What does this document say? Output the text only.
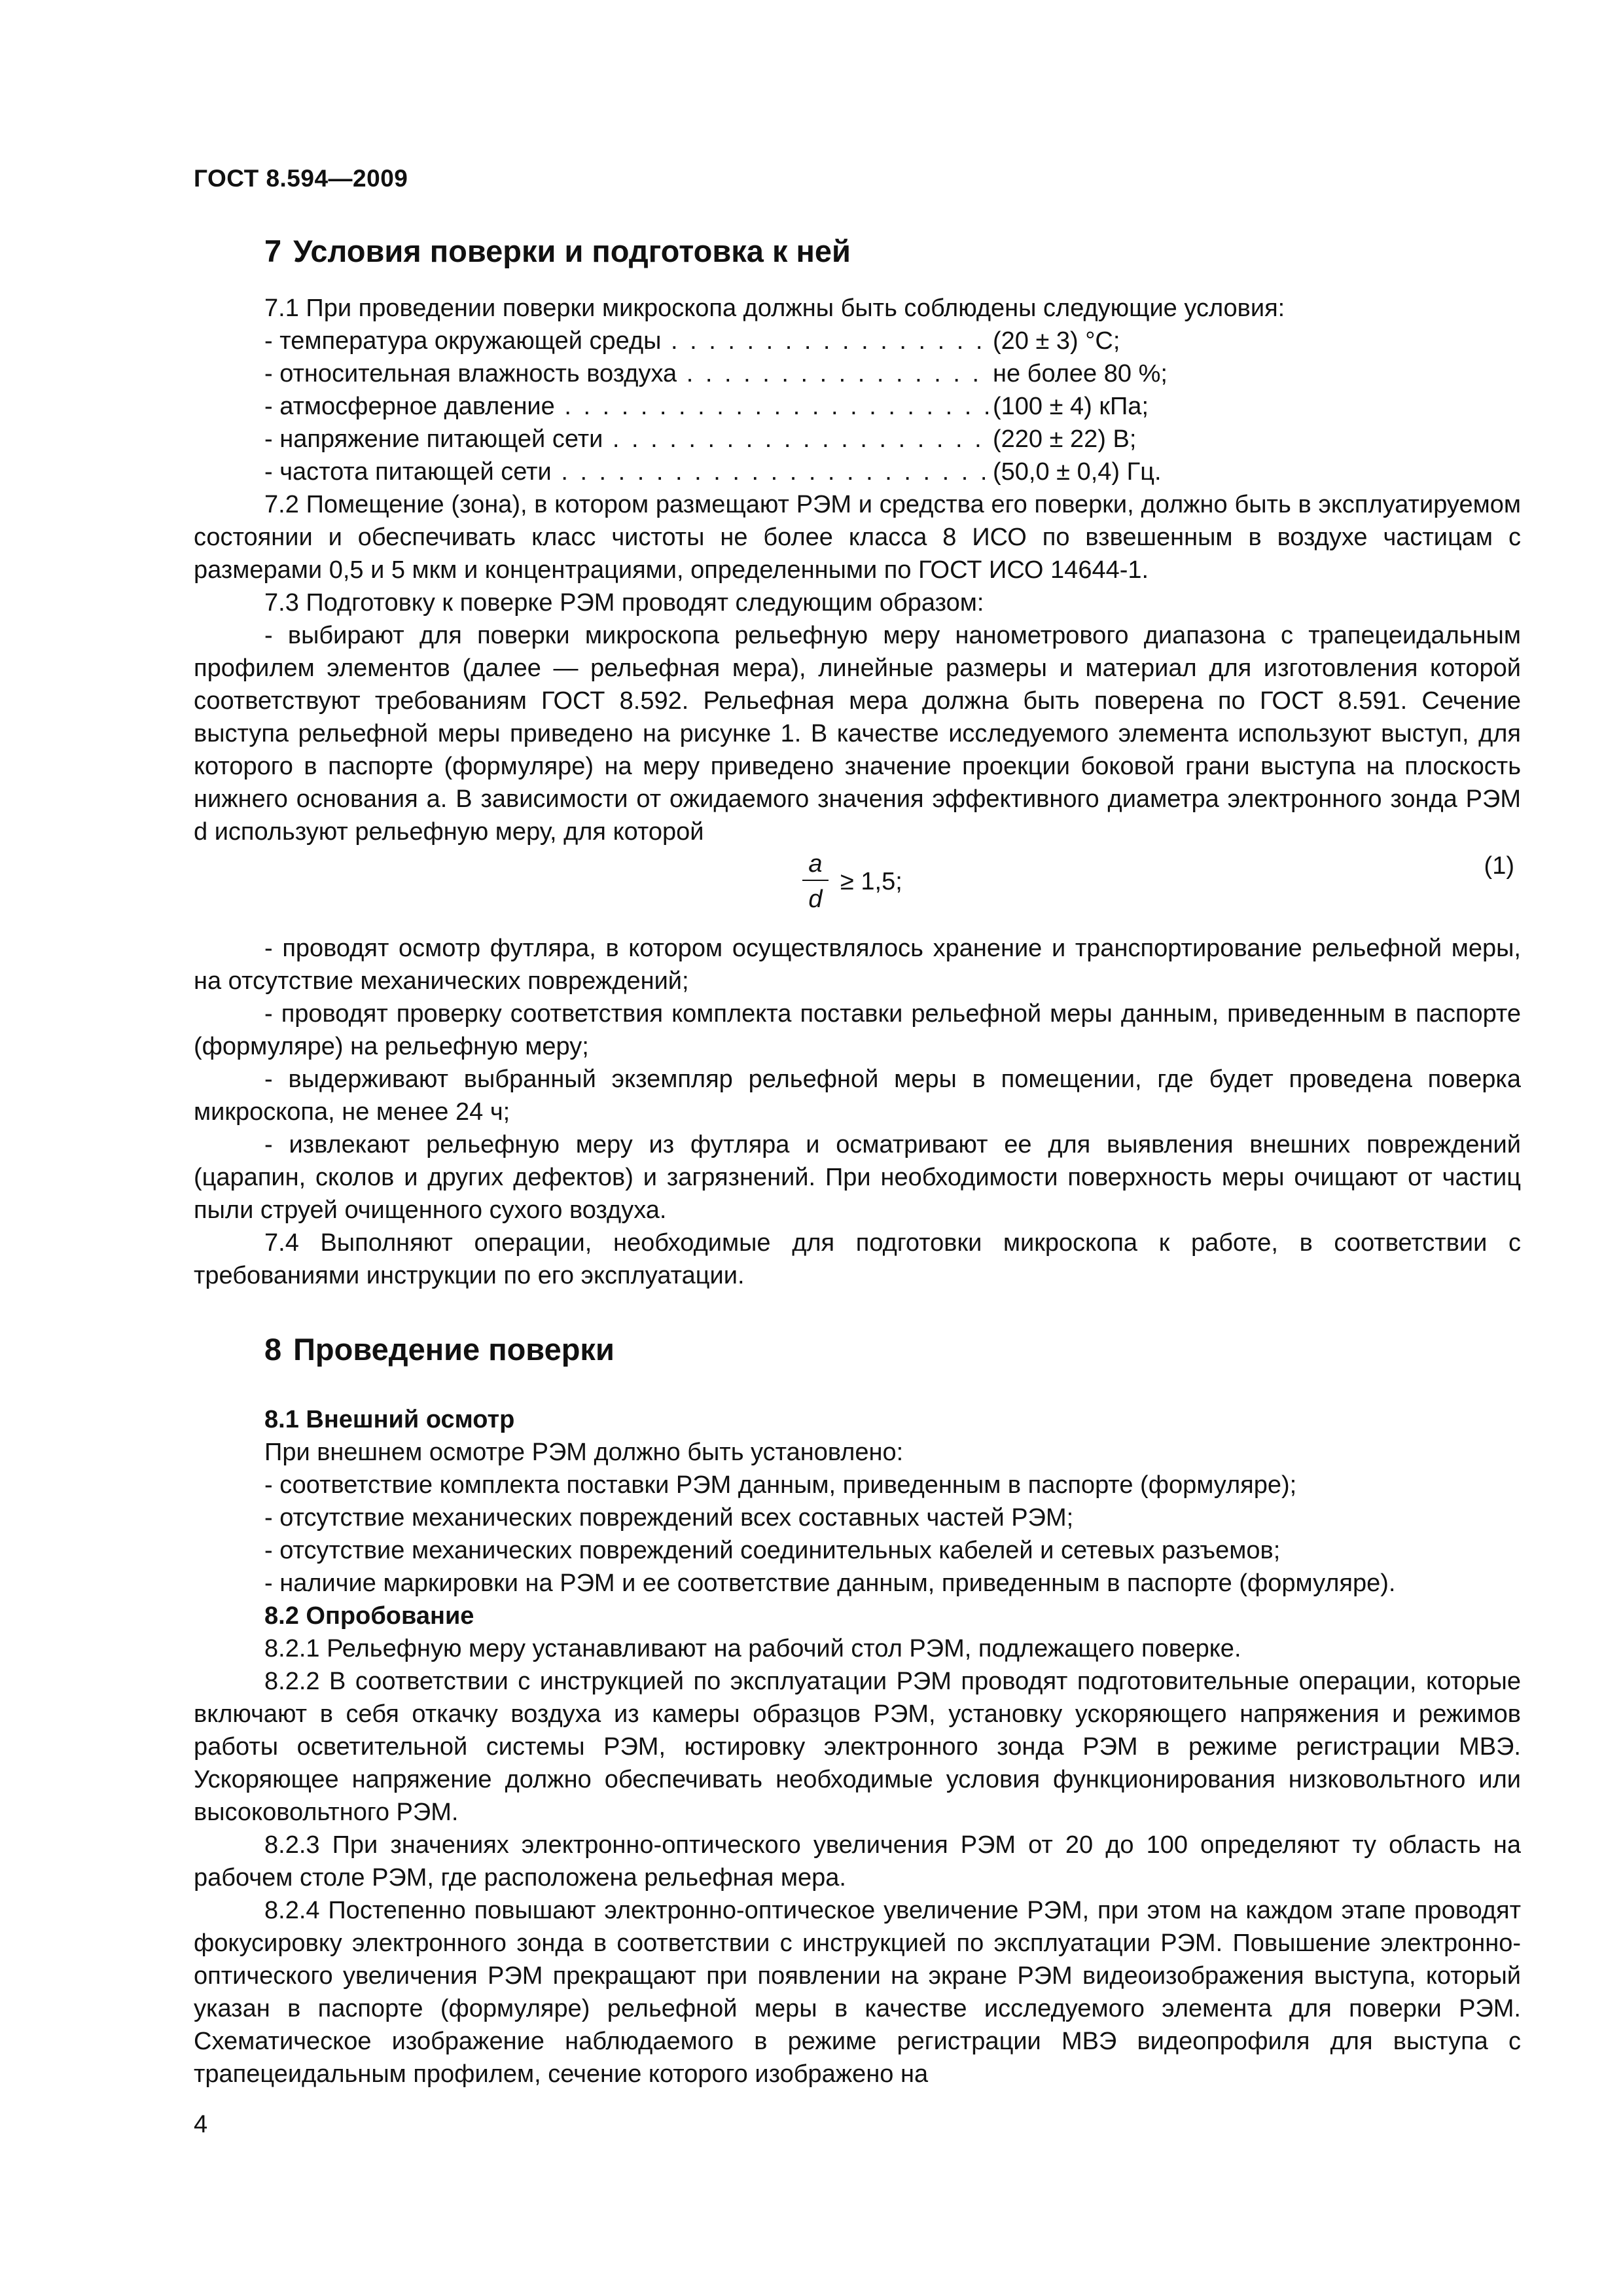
ГОСТ 8.594—2009
7 Условия поверки и подготовка к ней

7.1 При проведении поверки микроскопа должны быть соблюдены следующие условия:

- температура окружающей среды . . .	(20 ± 3) °С;
- относительная влажность воздуха . . .	не более 80 %;
- атмосферное давление . . .	(100 ± 4) кПа;
- напряжение питающей сети . . .	(220 ± 22) В;
- частота питающей сети . . .	(50,0 ± 0,4) Гц.

7.2 Помещение (зона), в котором размещают РЭМ и средства его поверки, должно быть в эксплуатируемом состоянии и обеспечивать класс чистоты не более класса 8 ИСО по взвешенным в воздухе частицам с размерами 0,5 и 5 мкм и концентрациями, определенными по ГОСТ ИСО 14644-1.

7.3 Подготовку к поверке РЭМ проводят следующим образом:

- выбирают для поверки микроскопа рельефную меру нанометрового диапазона с трапецеидальным профилем элементов (далее — рельефная мера), линейные размеры и материал для изготовления которой соответствуют требованиям ГОСТ 8.592. Рельефная мера должна быть поверена по ГОСТ 8.591. Сечение выступа рельефной меры приведено на рисунке 1. В качестве исследуемого элемента используют выступ, для которого в паспорте (формуляре) на меру приведено значение проекции боковой грани выступа на плоскость нижнего основания a. В зависимости от ожидаемого значения эффективного диаметра электронного зонда РЭМ d используют рельефную меру, для которой

a
d
≥ 1,5;
(1)

- проводят осмотр футляра, в котором осуществлялось хранение и транспортирование рельефной меры, на отсутствие механических повреждений;

- проводят проверку соответствия комплекта поставки рельефной меры данным, приведенным в паспорте (формуляре) на рельефную меру;

- выдерживают выбранный экземпляр рельефной меры в помещении, где будет проведена поверка микроскопа, не менее 24 ч;

- извлекают рельефную меру из футляра и осматривают ее для выявления внешних повреждений (царапин, сколов и других дефектов) и загрязнений. При необходимости поверхность меры очищают от частиц пыли струей очищенного сухого воздуха.

7.4 Выполняют операции, необходимые для подготовки микроскопа к работе, в соответствии с требованиями инструкции по его эксплуатации.

8 Проведение поверки

8.1 Внешний осмотр

При внешнем осмотре РЭМ должно быть установлено:

- соответствие комплекта поставки РЭМ данным, приведенным в паспорте (формуляре);

- отсутствие механических повреждений всех составных частей РЭМ;

- отсутствие механических повреждений соединительных кабелей и сетевых разъемов;

- наличие маркировки на РЭМ и ее соответствие данным, приведенным в паспорте (формуляре).

8.2 Опробование

8.2.1 Рельефную меру устанавливают на рабочий стол РЭМ, подлежащего поверке.

8.2.2 В соответствии с инструкцией по эксплуатации РЭМ проводят подготовительные операции, которые включают в себя откачку воздуха из камеры образцов РЭМ, установку ускоряющего напряжения и режимов работы осветительной системы РЭМ, юстировку электронного зонда РЭМ в режиме регистрации МВЭ. Ускоряющее напряжение должно обеспечивать необходимые условия функционирования низковольтного или высоковольтного РЭМ.

8.2.3 При значениях электронно-оптического увеличения РЭМ от 20 до 100 определяют ту область на рабочем столе РЭМ, где расположена рельефная мера.

8.2.4 Постепенно повышают электронно-оптическое увеличение РЭМ, при этом на каждом этапе проводят фокусировку электронного зонда в соответствии с инструкцией по эксплуатации РЭМ. Повышение электронно-оптического увеличения РЭМ прекращают при появлении на экране РЭМ видеоизображения выступа, который указан в паспорте (формуляре) рельефной меры в качестве исследуемого элемента для поверки РЭМ. Схематическое изображение наблюдаемого в режиме регистрации МВЭ видеопрофиля для выступа с трапецеидальным профилем, сечение которого изображено на

4
